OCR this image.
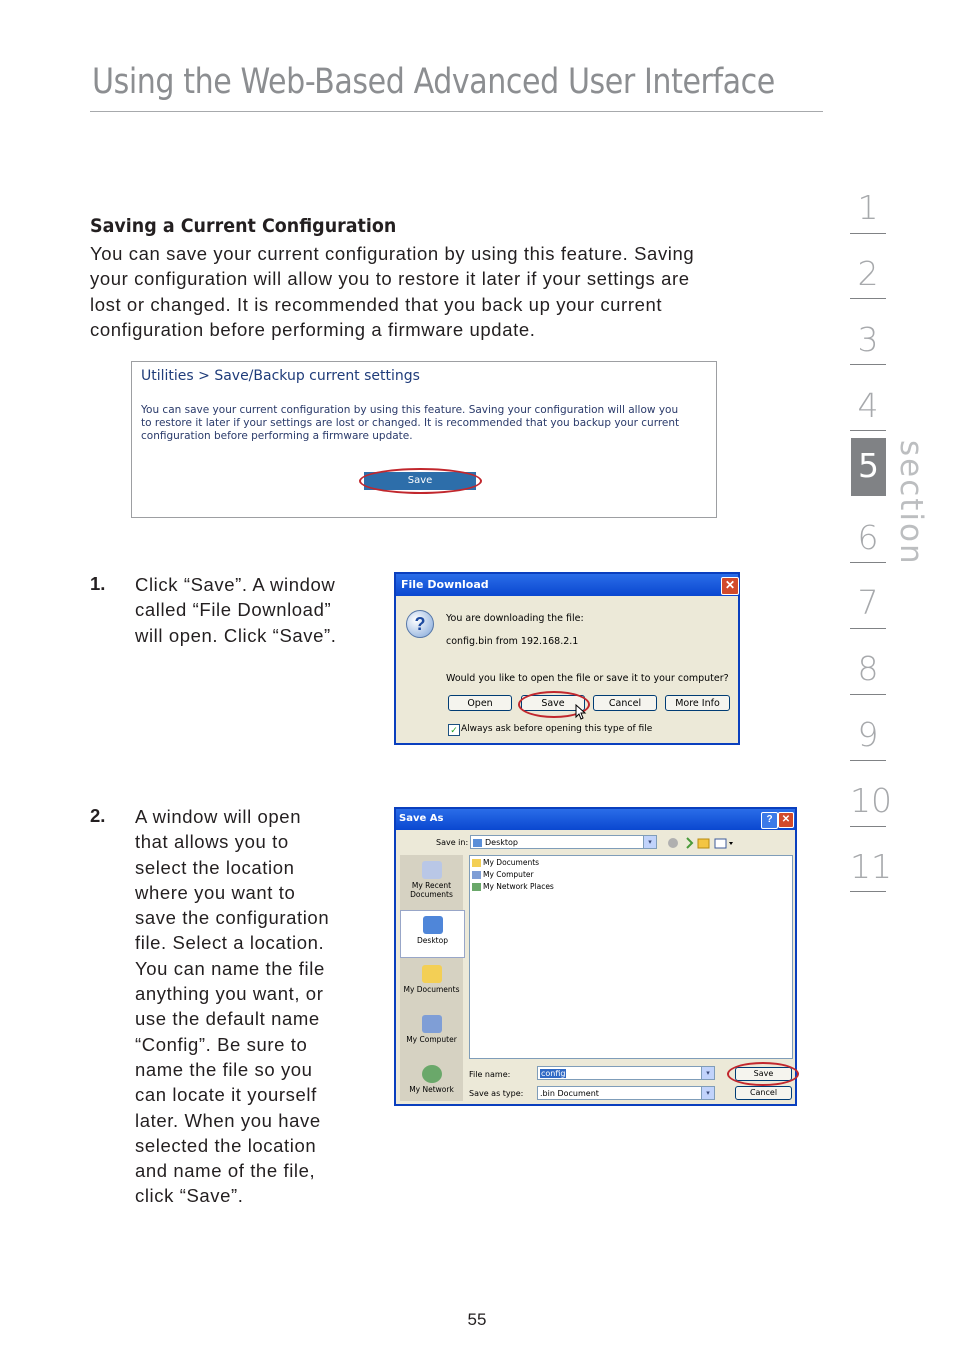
Using the Web-Based Advanced User Interface
1
2
3
4
5
6
7
8
9
10
11
section
Saving a Current Configuration
You can save your current configuration by using this feature. Saving
your configuration will allow you to restore it later if your settings are
lost or changed. It is recommended that you back up your current
configuration before performing a firmware update.
Utilities > Save/Backup current settings
You can save your current configuration by using this feature. Saving your configuration will allow you
to restore it later if your settings are lost or changed. It is recommended that you backup your current
configuration before performing a firmware update.
Save
1. Click “Save”. A window
called “File Download”
will open. Click “Save”.
File Download	✕
?	You are downloading the file:
config.bin from 192.168.2.1
Would you like to open the file or save it to your computer?
Open	Save	Cancel	More Info
✓ Always ask before opening this type of file
2. A window will open
that allows you to
select the location
where you want to
save the configuration
file. Select a location.
You can name the file
anything you want, or
use the default name
“Config”. Be sure to
name the file so you
can locate it yourself
later. When you have
selected the location
and name of the file,
click “Save”.
Save As	? ✕
Save in:	Desktop	▾
My Recent Documents
Desktop
My Documents
My Computer
My Network
My Documents
My Computer
My Network Places
File name:	config	▾
Save as type:	.bin Document	▾
Save
Cancel
55
